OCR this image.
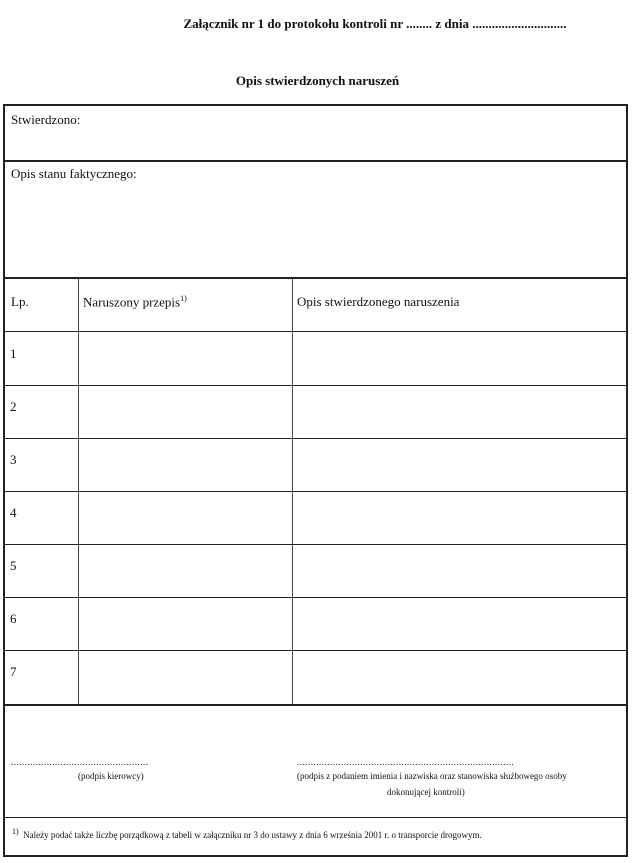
Załącznik nr 1 do protokołu kontroli nr ........ z dnia .............................
Opis stwierdzonych naruszeń
Stwierdzono:
Opis stanu faktycznego:
Lp.	Naruszony przepis$^{1)}$	Opis stwierdzonego naruszenia
1
2
3
4
5
6
7
..................................................
(podpis kierowcy)
...............................................................................
(podpis z podaniem imienia i nazwiska oraz stanowiska służbowego osoby
dokonującej kontroli)
$^{1)}$ Należy podać także liczbę porządkową z tabeli w załączniku nr 3 do ustawy z dnia 6 września 2001 r. o transporcie drogowym.
